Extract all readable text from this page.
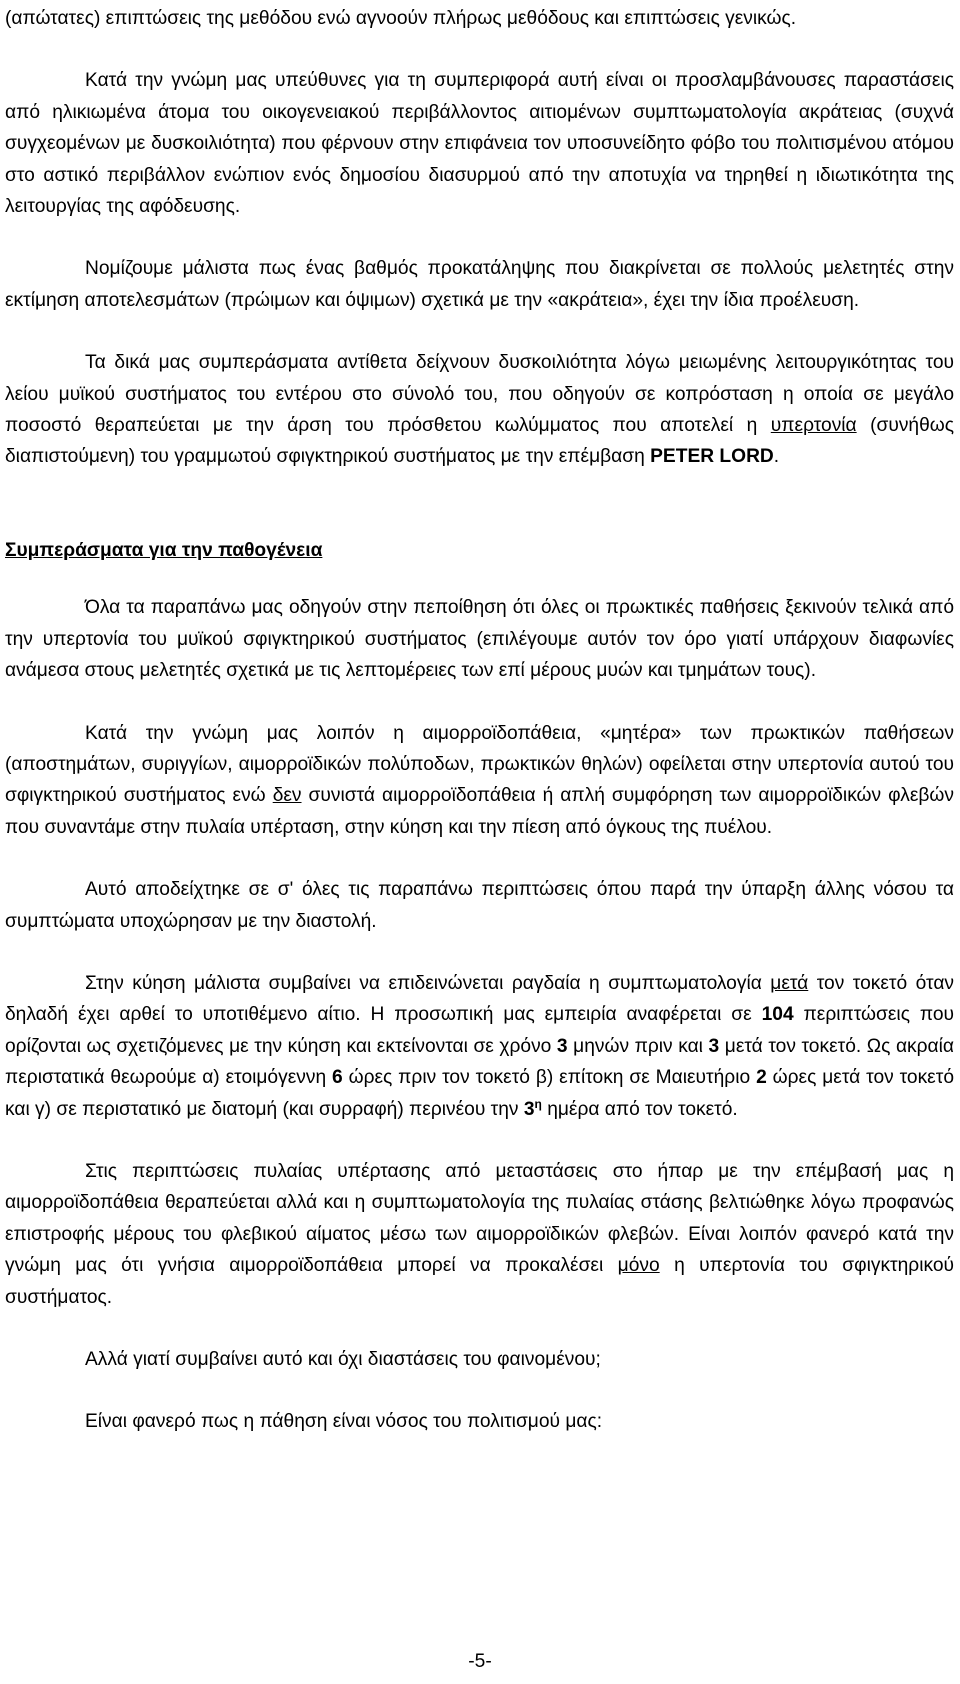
(απώτατες) επιπτώσεις της μεθόδου ενώ αγνοούν πλήρως μεθόδους και επιπτώσεις γενικώς.

Κατά την γνώμη μας υπεύθυνες για τη συμπεριφορά αυτή είναι οι προσλαμβάνουσες παραστάσεις από ηλικιωμένα άτομα του οικογενειακού περιβάλλοντος αιτιομένων συμπτωματολογία ακράτειας (συχνά συγχεομένων με δυσκοιλιότητα) που φέρνουν στην επιφάνεια τον υποσυνείδητο φόβο του πολιτισμένου ατόμου στο αστικό περιβάλλον ενώπιον ενός δημοσίου διασυρμού από την αποτυχία να τηρηθεί η ιδιωτικότητα της λειτουργίας της αφόδευσης.

Νομίζουμε μάλιστα πως ένας βαθμός προκατάληψης που διακρίνεται σε πολλούς μελετητές στην εκτίμηση αποτελεσμάτων (πρώιμων και όψιμων) σχετικά με την «ακράτεια», έχει την ίδια προέλευση.

Τα δικά μας συμπεράσματα αντίθετα δείχνουν δυσκοιλιότητα λόγω μειωμένης λειτουργικότητας του λείου μυϊκού συστήματος του εντέρου στο σύνολό του, που οδηγούν σε κοπρόσταση η οποία σε μεγάλο ποσοστό θεραπεύεται με την άρση του πρόσθετου κωλύμματος που αποτελεί η υπερτονία (συνήθως διαπιστούμενη) του γραμμωτού σφιγκτηρικού συστήματος με την επέμβαση PETER LORD.

Συμπεράσματα για την παθογένεια

Όλα τα παραπάνω μας οδηγούν στην πεποίθηση ότι όλες οι πρωκτικές παθήσεις ξεκινούν τελικά από την υπερτονία του μυϊκού σφιγκτηρικού συστήματος (επιλέγουμε αυτόν τον όρο γιατί υπάρχουν διαφωνίες ανάμεσα στους μελετητές σχετικά με τις λεπτομέρειες των επί μέρους μυών και τμημάτων τους).

Κατά την γνώμη μας λοιπόν η αιμορροϊδοπάθεια, «μητέρα» των πρωκτικών παθήσεων (αποστημάτων, συριγγίων, αιμορροϊδικών πολύποδων, πρωκτικών θηλών) οφείλεται στην υπερτονία αυτού του σφιγκτηρικού συστήματος ενώ δεν συνιστά αιμορροϊδοπάθεια ή απλή συμφόρηση των αιμορροϊδικών φλεβών που συναντάμε στην πυλαία υπέρταση, στην κύηση και την πίεση από όγκους της πυέλου.

Αυτό αποδείχτηκε σε σ' όλες τις παραπάνω περιπτώσεις όπου παρά την ύπαρξη άλλης νόσου τα συμπτώματα υποχώρησαν με την διαστολή.

Στην κύηση μάλιστα συμβαίνει να επιδεινώνεται ραγδαία η συμπτωματολογία μετά τον τοκετό όταν δηλαδή έχει αρθεί το υποτιθέμενο αίτιο. Η προσωπική μας εμπειρία αναφέρεται σε 104 περιπτώσεις που ορίζονται ως σχετιζόμενες με την κύηση και εκτείνονται σε χρόνο 3 μηνών πριν και 3 μετά τον τοκετό. Ως ακραία περιστατικά θεωρούμε α) ετοιμόγεννη 6 ώρες πριν τον τοκετό β) επίτοκη σε Μαιευτήριο 2 ώρες μετά τον τοκετό και γ) σε περιστατικό με διατομή (και συρραφή) περινέου την $3^\eta$ ημέρα από τον τοκετό.

Στις περιπτώσεις πυλαίας υπέρτασης από μεταστάσεις στο ήπαρ με την επέμβασή μας η αιμορροϊδοπάθεια θεραπεύεται αλλά και η συμπτωματολογία της πυλαίας στάσης βελτιώθηκε λόγω προφανώς επιστροφής μέρους του φλεβικού αίματος μέσω των αιμορροϊδικών φλεβών. Είναι λοιπόν φανερό κατά την γνώμη μας ότι γνήσια αιμορροϊδοπάθεια μπορεί να προκαλέσει μόνο η υπερτονία του σφιγκτηρικού συστήματος.

Αλλά γιατί συμβαίνει αυτό και όχι διαστάσεις του φαινομένου;

Είναι φανερό πως η πάθηση είναι νόσος του πολιτισμού μας:

-5-
